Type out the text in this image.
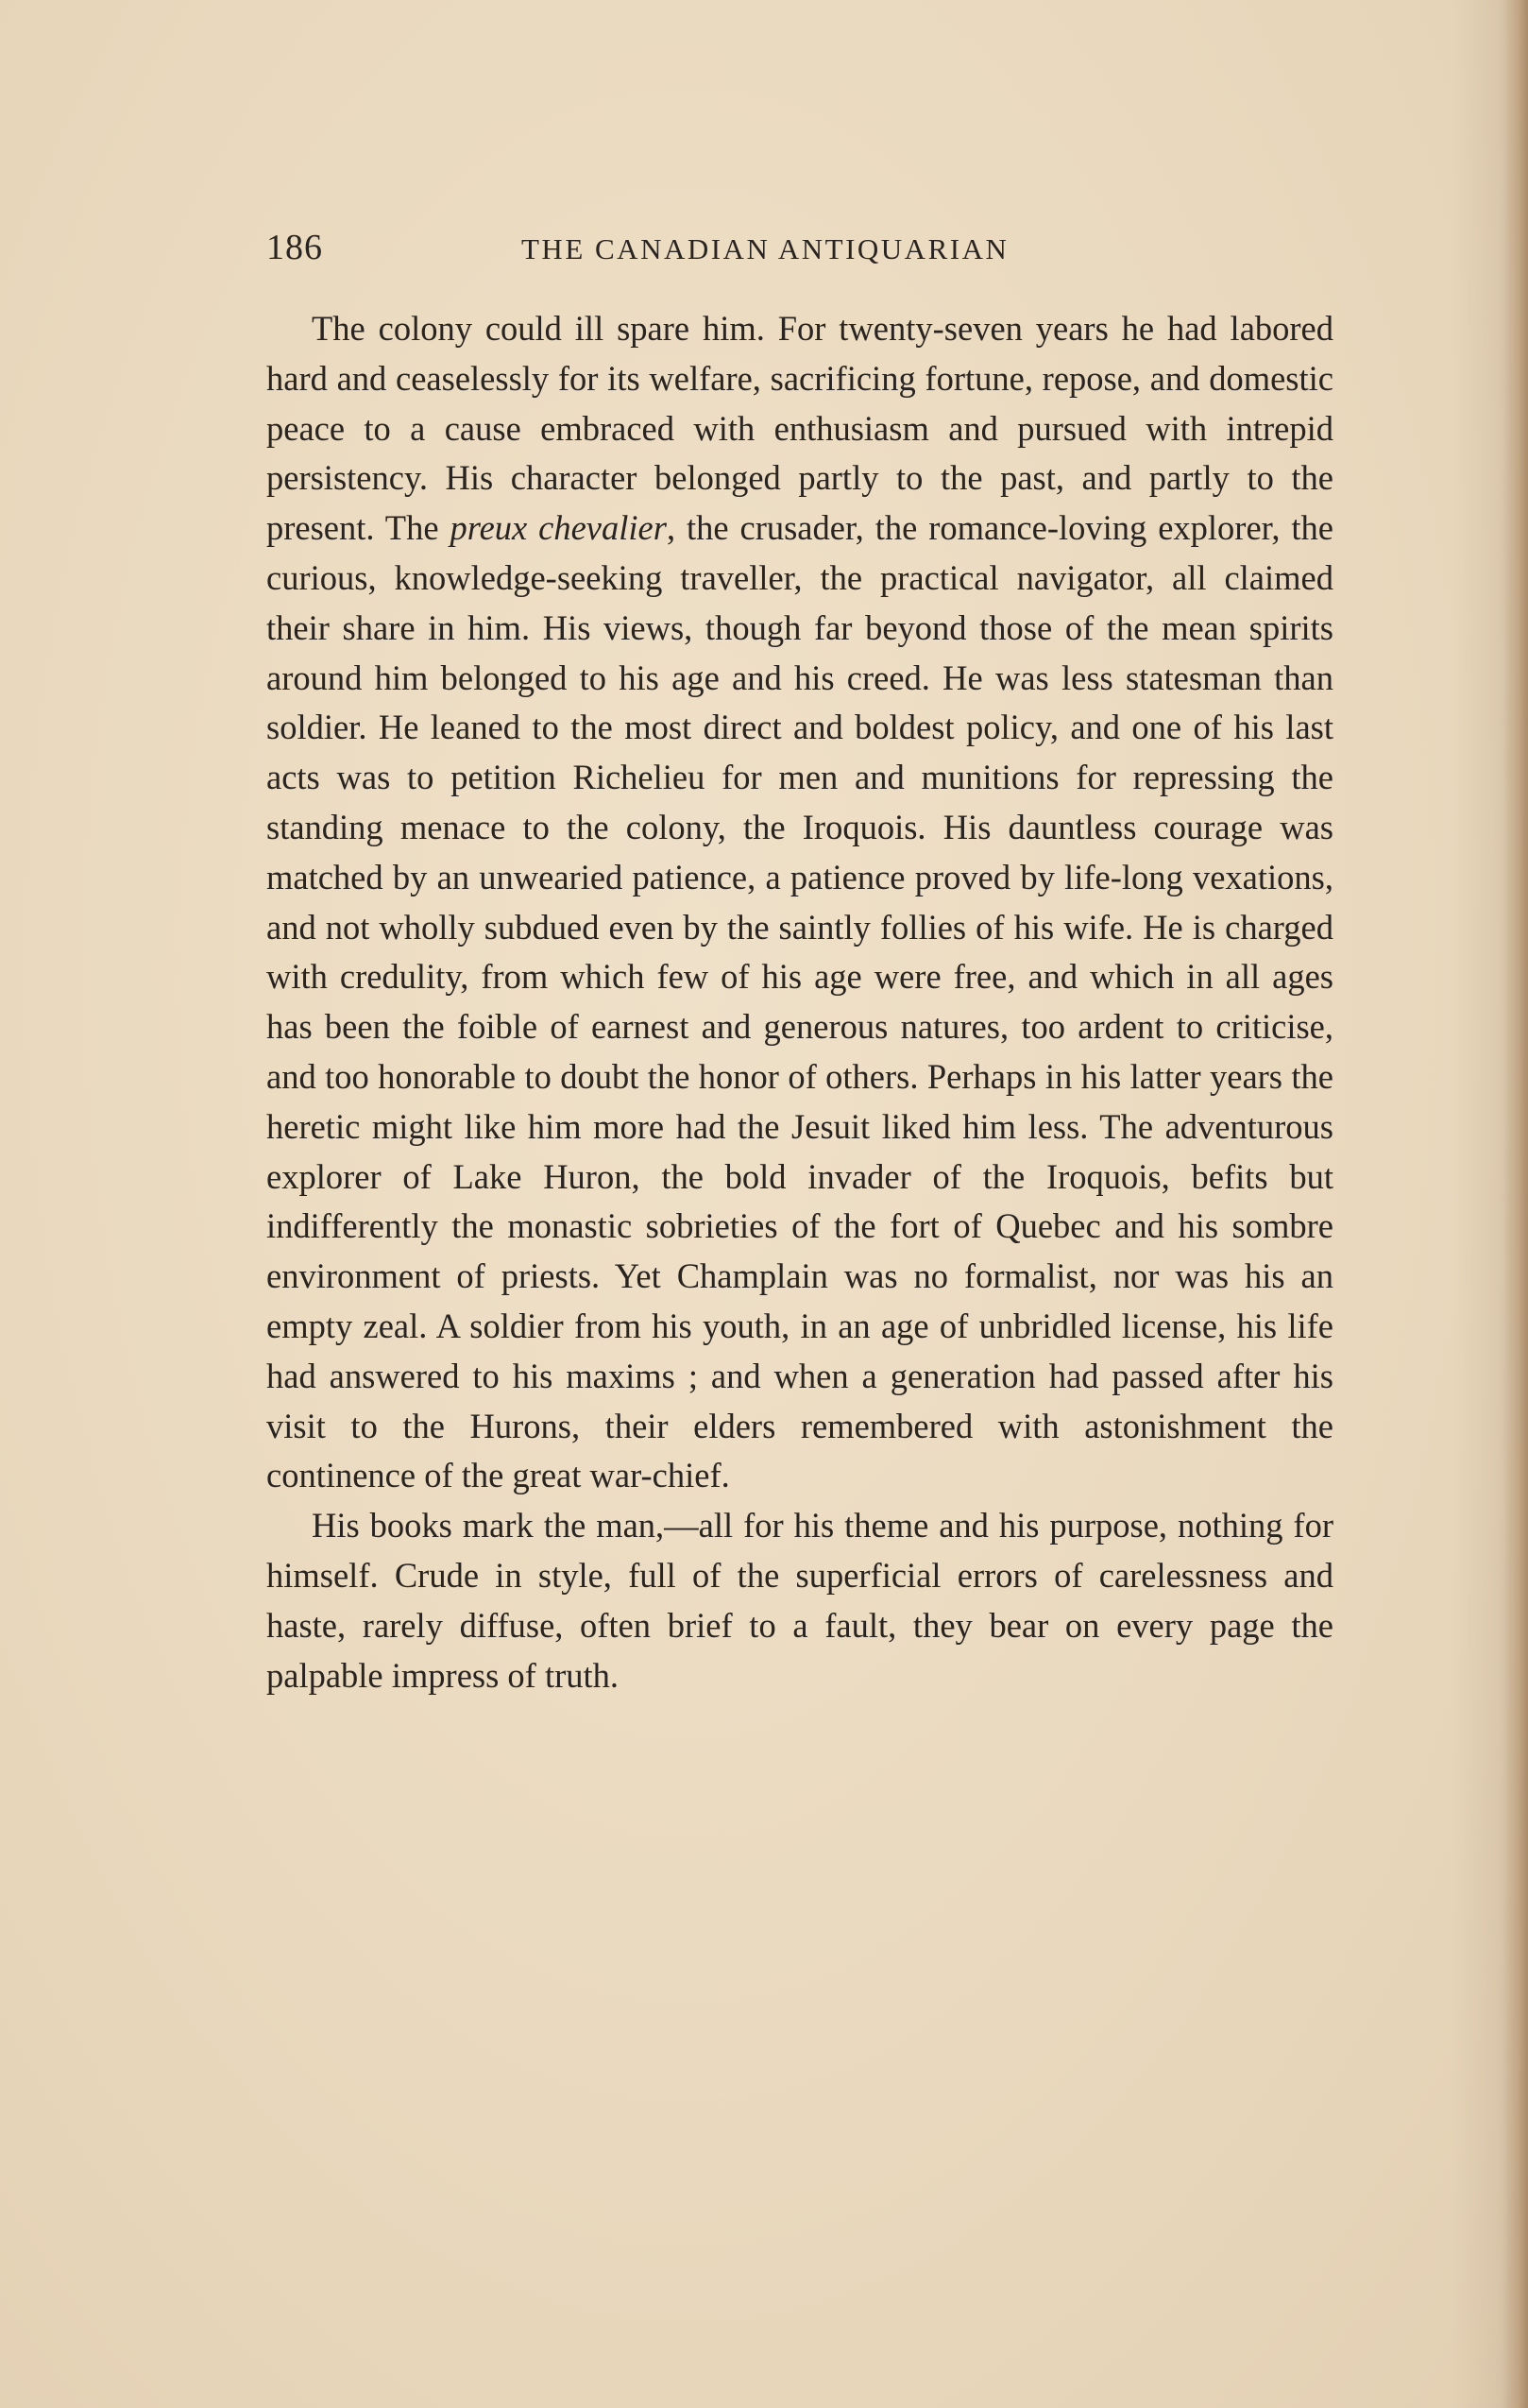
186	THE CANADIAN ANTIQUARIAN

The colony could ill spare him. For twenty-seven years he had labored hard and ceaselessly for its welfare, sacrificing fortune, repose, and domestic peace to a cause embraced with enthusiasm and pursued with intrepid persistency. His character belonged partly to the past, and partly to the present. The preux chevalier, the crusader, the romance-loving explorer, the curious, knowledge-seeking traveller, the practical navigator, all claimed their share in him. His views, though far beyond those of the mean spirits around him belonged to his age and his creed. He was less statesman than soldier. He leaned to the most direct and boldest policy, and one of his last acts was to petition Richelieu for men and munitions for repressing the standing menace to the colony, the Iroquois. His dauntless courage was matched by an unwearied patience, a patience proved by life-long vexations, and not wholly subdued even by the saintly follies of his wife. He is charged with credulity, from which few of his age were free, and which in all ages has been the foible of earnest and generous natures, too ardent to criticise, and too honorable to doubt the honor of others. Perhaps in his latter years the heretic might like him more had the Jesuit liked him less. The adventurous explorer of Lake Huron, the bold invader of the Iroquois, befits but indifferently the monastic sobrieties of the fort of Quebec and his sombre environment of priests. Yet Champlain was no formalist, nor was his an empty zeal. A soldier from his youth, in an age of unbridled license, his life had answered to his maxims ; and when a generation had passed after his visit to the Hurons, their elders remembered with astonishment the continence of the great war-chief.

His books mark the man,—all for his theme and his purpose, nothing for himself. Crude in style, full of the superficial errors of carelessness and haste, rarely diffuse, often brief to a fault, they bear on every page the palpable impress of truth.
